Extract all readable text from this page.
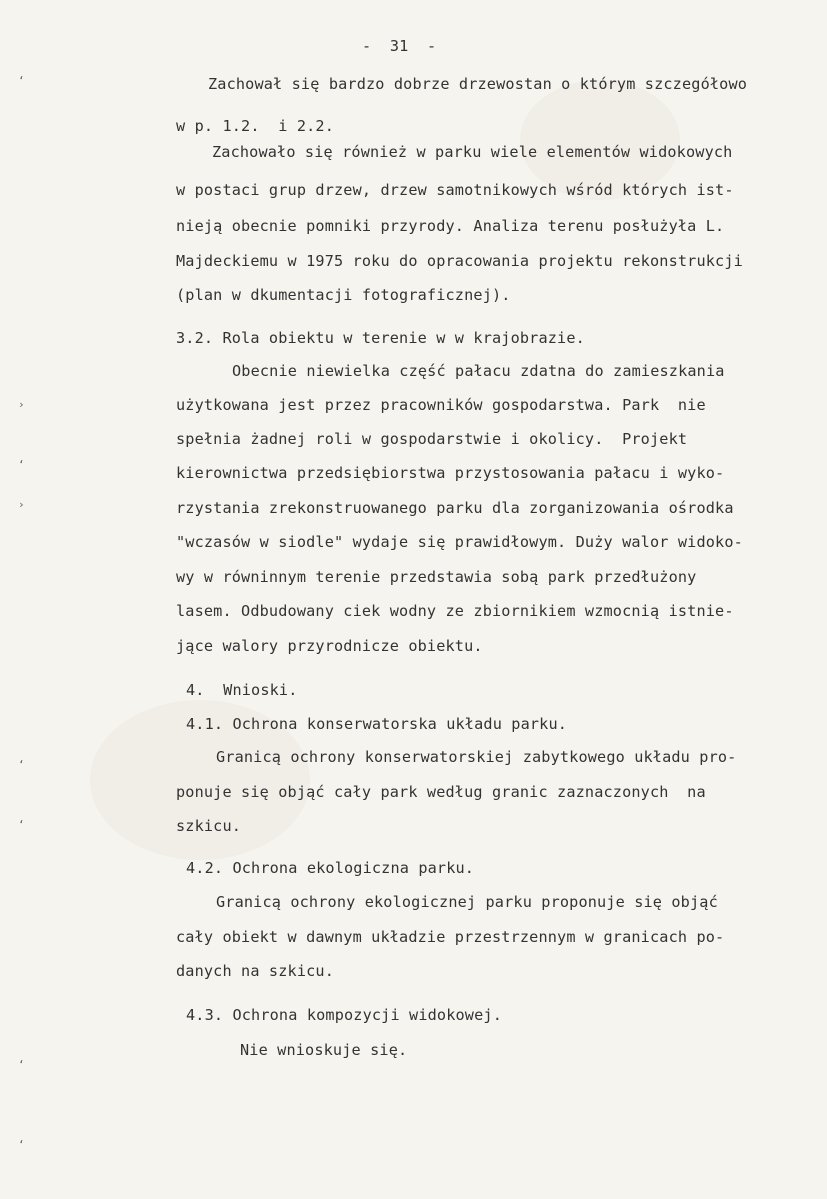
-  31  -
Zachował się bardzo dobrze drzewostan o którym szczegółowo
w p. 1.2.  i 2.2.
Zachowało się również w parku wiele elementów widokowych
w postaci grup drzew, drzew samotnikowych wśród których ist-
nieją obecnie pomniki przyrody. Analiza terenu posłużyła L.
Majdeckiemu w 1975 roku do opracowania projektu rekonstrukcji
(plan w dkumentacji fotograficznej).
3.2. Rola obiektu w terenie w w krajobrazie.
Obecnie niewielka część pałacu zdatna do zamieszkania
użytkowana jest przez pracowników gospodarstwa. Park  nie
spełnia żadnej roli w gospodarstwie i okolicy.  Projekt
kierownictwa przedsiębiorstwa przystosowania pałacu i wyko-
rzystania zrekonstruowanego parku dla zorganizowania ośrodka
"wczasów w siodle" wydaje się prawidłowym. Duży walor widoko-
wy w równinnym terenie przedstawia sobą park przedłużony
lasem. Odbudowany ciek wodny ze zbiornikiem wzmocnią istnie-
jące walory przyrodnicze obiektu.
4.  Wnioski.
4.1. Ochrona konserwatorska układu parku.
Granicą ochrony konserwatorskiej zabytkowego układu pro-
ponuje się objąć cały park według granic zaznaczonych  na
szkicu.
4.2. Ochrona ekologiczna parku.
Granicą ochrony ekologicznej parku proponuje się objąć
cały obiekt w dawnym układzie przestrzennym w granicach po-
danych na szkicu.
4.3. Ochrona kompozycji widokowej.
Nie wnioskuje się.
‘
›
‘
›
‘
‘
‘
‘
